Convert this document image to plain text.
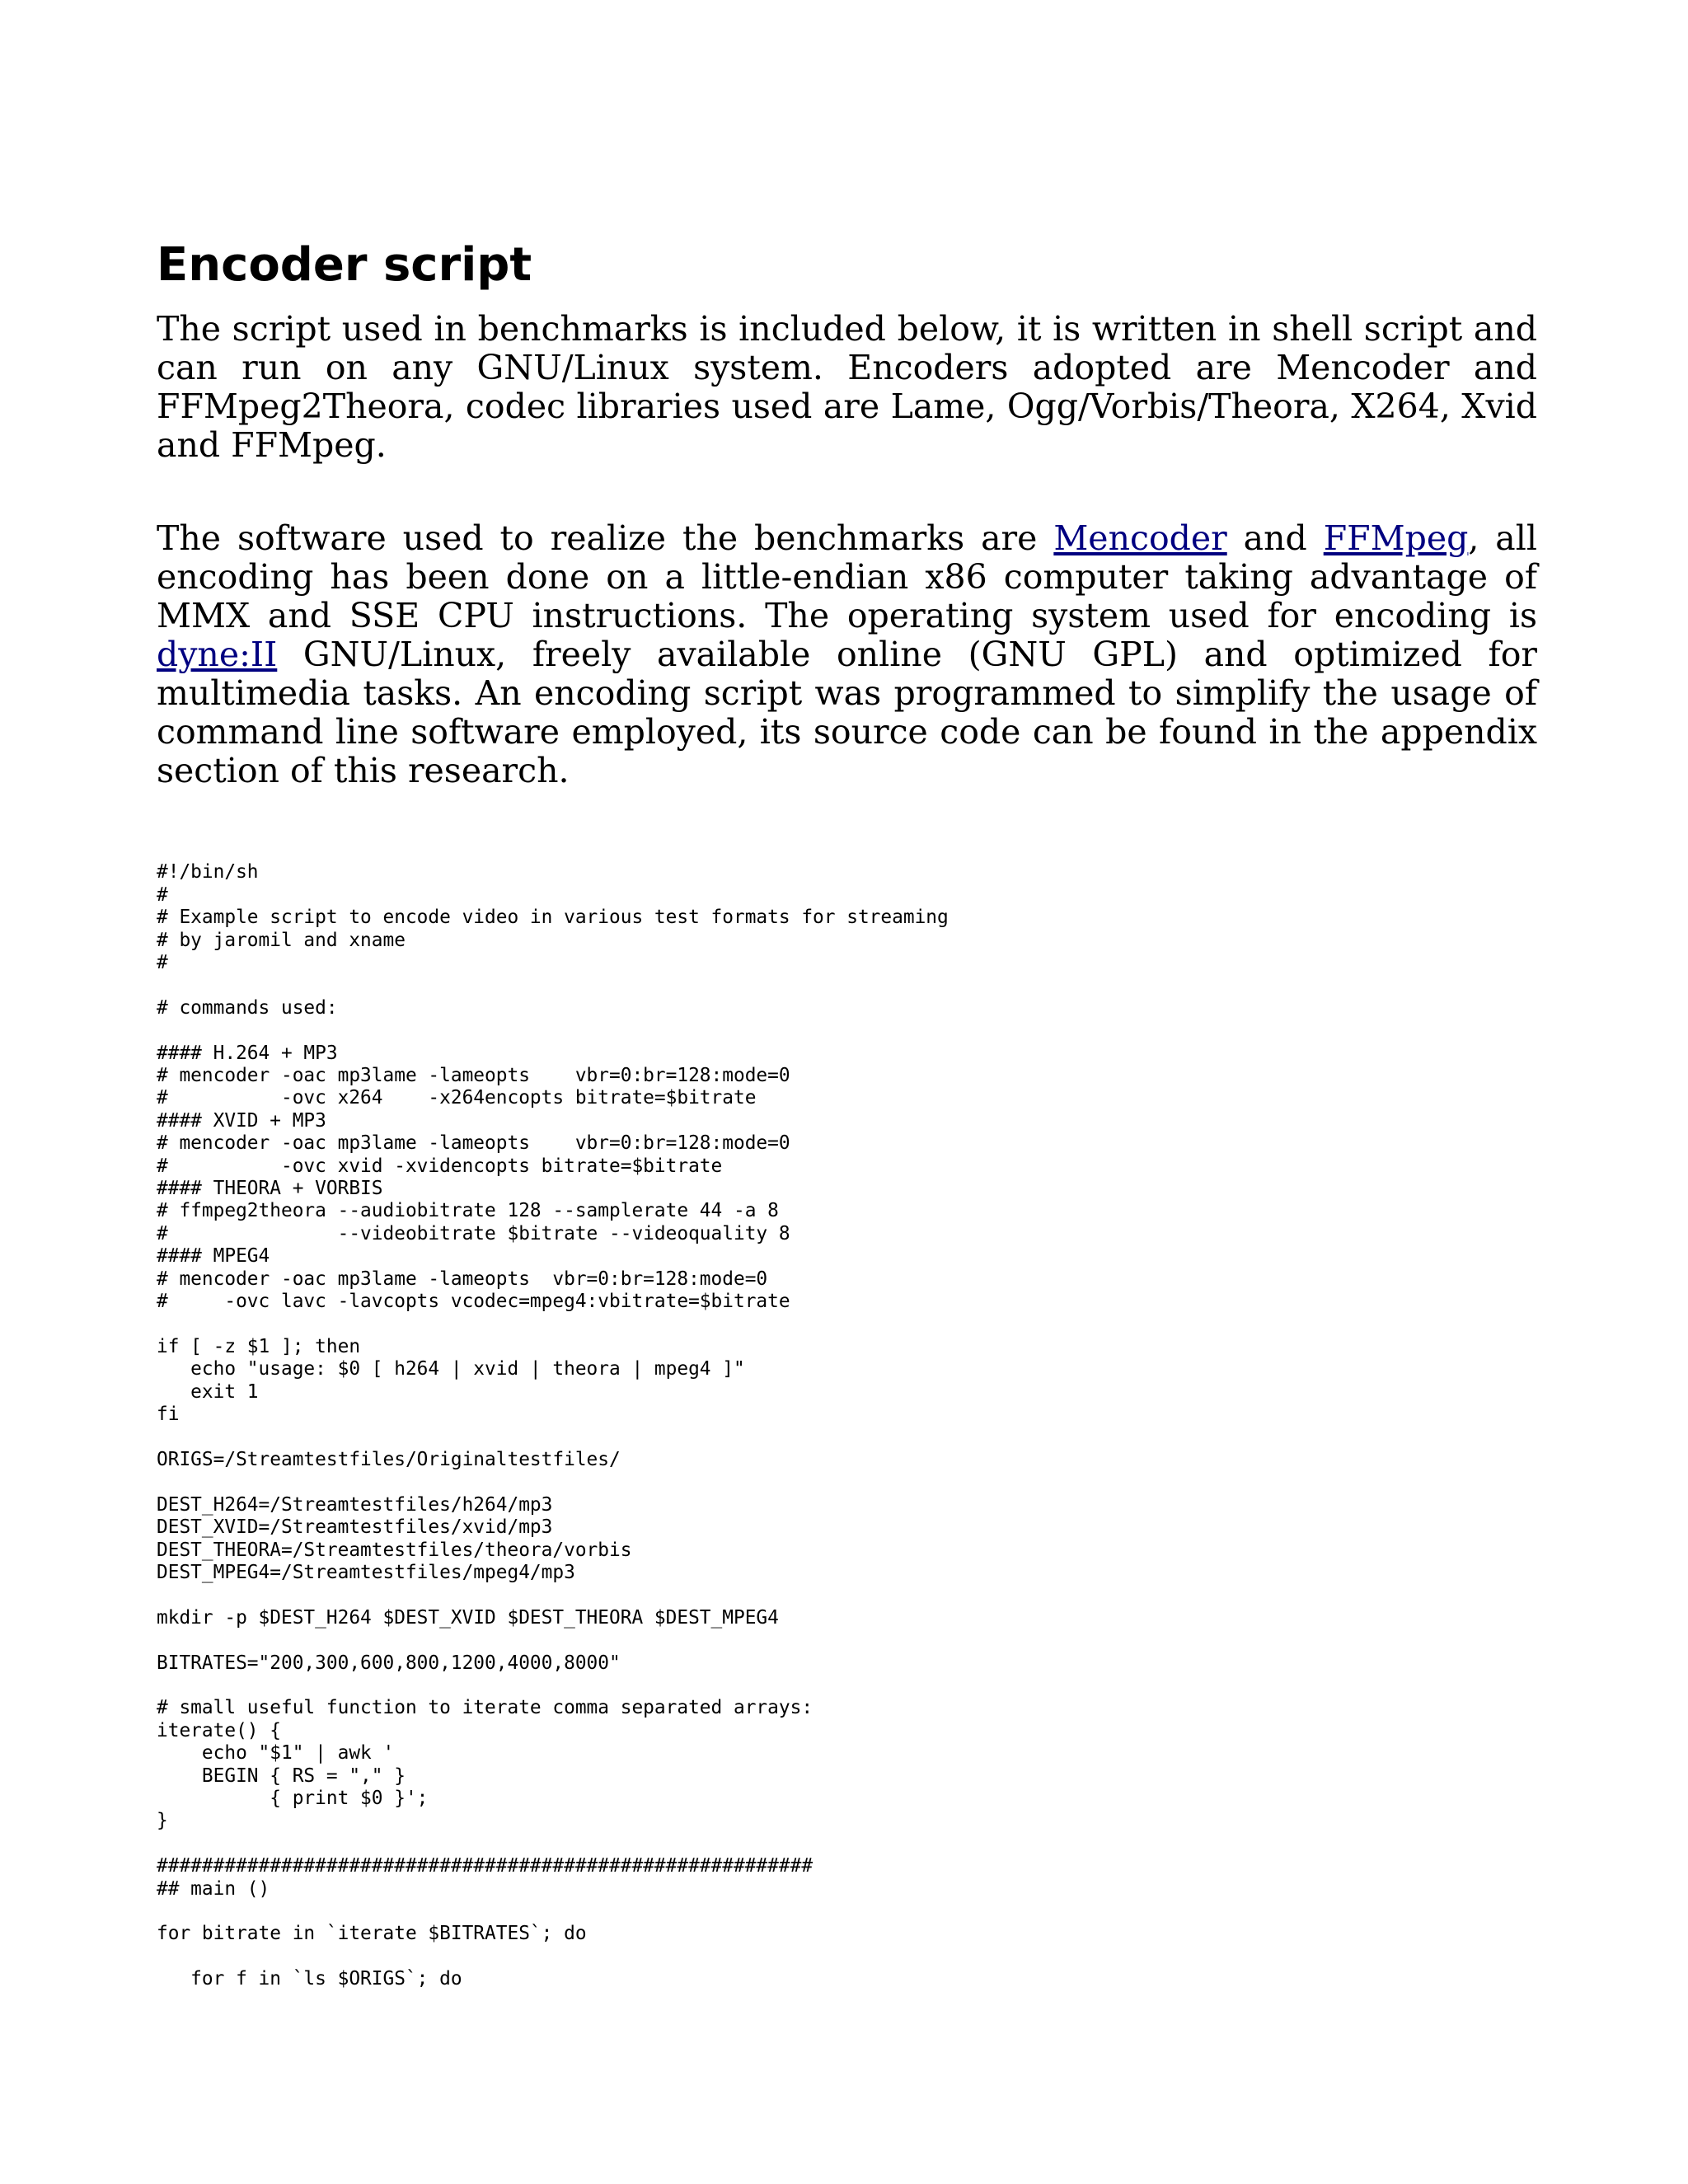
Encoder script

The script used in benchmarks is included below, it is written in shell script and can run on any GNU/Linux system. Encoders adopted are Mencoder and FFMpeg2Theora, codec libraries used are Lame, Ogg/Vorbis/Theora, X264, Xvid and FFMpeg.

The software used to realize the benchmarks are Mencoder and FFMpeg, all encoding has been done on a little-endian x86 computer taking advantage of MMX and SSE CPU instructions. The operating system used for encoding is dyne:II GNU/Linux, freely available online (GNU GPL) and optimized for multimedia tasks. An encoding script was programmed to simplify the usage of command line software employed, its source code can be found in the appendix section of this research.

#!/bin/sh
#
# Example script to encode video in various test formats for streaming
# by jaromil and xname
#

# commands used:

#### H.264 + MP3
# mencoder -oac mp3lame -lameopts    vbr=0:br=128:mode=0
#          -ovc x264    -x264encopts bitrate=$bitrate
#### XVID + MP3
# mencoder -oac mp3lame -lameopts    vbr=0:br=128:mode=0
#          -ovc xvid -xvidencopts bitrate=$bitrate
#### THEORA + VORBIS
# ffmpeg2theora --audiobitrate 128 --samplerate 44 -a 8
#               --videobitrate $bitrate --videoquality 8
#### MPEG4
# mencoder -oac mp3lame -lameopts  vbr=0:br=128:mode=0
#     -ovc lavc -lavcopts vcodec=mpeg4:vbitrate=$bitrate

if [ -z $1 ]; then
echo "usage: $0 [ h264 | xvid | theora | mpeg4 ]"
exit 1
fi

ORIGS=/Streamtestfiles/Originaltestfiles/

DEST_H264=/Streamtestfiles/h264/mp3
DEST_XVID=/Streamtestfiles/xvid/mp3
DEST_THEORA=/Streamtestfiles/theora/vorbis
DEST_MPEG4=/Streamtestfiles/mpeg4/mp3

mkdir -p $DEST_H264 $DEST_XVID $DEST_THEORA $DEST_MPEG4

BITRATES="200,300,600,800,1200,4000,8000"

# small useful function to iterate comma separated arrays:
iterate() {
echo "$1" | awk '
BEGIN { RS = "," }
{ print $0 }';
}

##########################################################
## main ()

for bitrate in `iterate $BITRATES`; do

for f in `ls $ORIGS`; do
